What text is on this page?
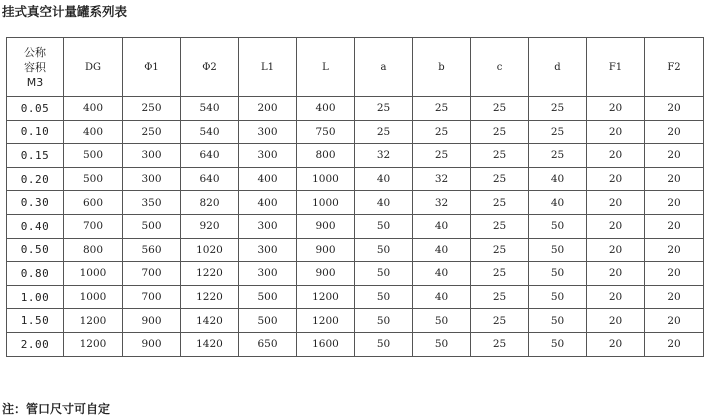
挂式真空计量罐系列表
公称
容积
M3	DG	Φ1	Φ2	L1	L	a	b	c	d	F1	F2
0.05	400	250	540	200	400	25	25	25	25	20	20
0.10	400	250	540	300	750	25	25	25	25	20	20
0.15	500	300	640	300	800	32	25	25	25	20	20
0.20	500	300	640	400	1000	40	32	25	40	20	20
0.30	600	350	820	400	1000	40	32	25	40	20	20
0.40	700	500	920	300	900	50	40	25	50	20	20
0.50	800	560	1020	300	900	50	40	25	50	20	20
0.80	1000	700	1220	300	900	50	40	25	50	20	20
1.00	1000	700	1220	500	1200	50	40	25	50	20	20
1.50	1200	900	1420	500	1200	50	50	25	50	20	20
2.00	1200	900	1420	650	1600	50	50	25	50	20	20
注：管口尺寸可自定
